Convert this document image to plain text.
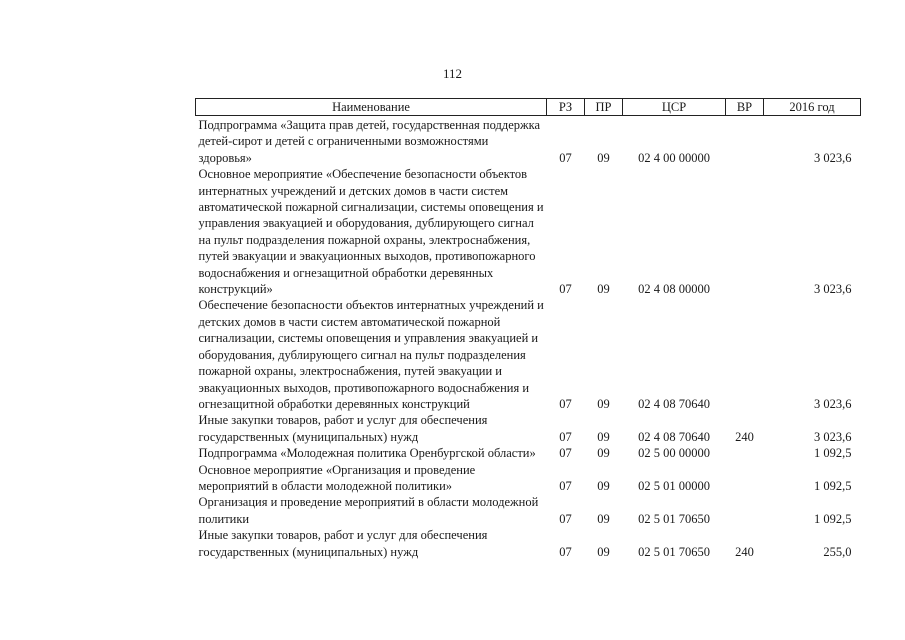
112
Наименование	РЗ	ПР	ЦСР	ВР	2016 год
Подпрограмма «Защита прав детей, государственная поддержка детей-сирот и детей с ограниченными возможностями здоровья»	07	09	02 4 00 00000		3 023,6
Основное мероприятие «Обеспечение безопасности объектов интернатных учреждений и детских домов в части систем автоматической пожарной сигнализации, системы оповещения и управления эвакуацией и оборудования, дублирующего сигнал на пульт подразделения пожарной охраны, электроснабжения, путей эвакуации и эвакуационных выходов, противопожарного водоснабжения и огнезащитной обработки деревянных конструкций»	07	09	02 4 08 00000		3 023,6
Обеспечение безопасности объектов интернатных учреждений и детских домов в части систем автоматической пожарной сигнализации, системы оповещения и управления эвакуацией и оборудования, дублирующего сигнал на пульт подразделения пожарной охраны, электроснабжения, путей эвакуации и эвакуационных выходов, противопожарного водоснабжения и огнезащитной обработки деревянных конструкций	07	09	02 4 08 70640		3 023,6
Иные закупки товаров, работ и услуг для обеспечения государственных (муниципальных) нужд	07	09	02 4 08 70640	240	3 023,6
Подпрограмма «Молодежная политика Оренбургской области»	07	09	02 5 00 00000		1 092,5
Основное мероприятие «Организация и проведение мероприятий в области молодежной политики»	07	09	02 5 01 00000		1 092,5
Организация и проведение мероприятий в области молодежной политики	07	09	02 5 01 70650		1 092,5
Иные закупки товаров, работ и услуг для обеспечения государственных (муниципальных) нужд	07	09	02 5 01 70650	240	255,0
